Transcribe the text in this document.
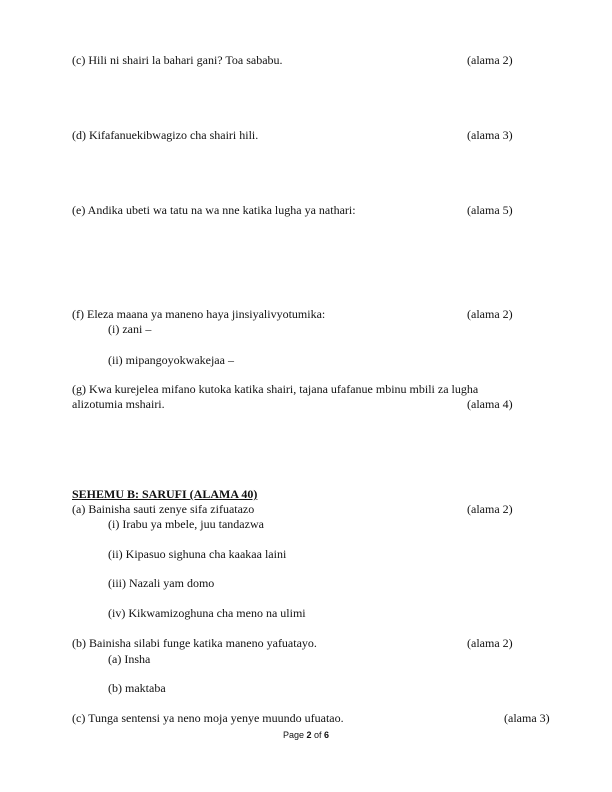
(c) Hili ni shairi la bahari gani? Toa sababu.	(alama 2)
(d) Kifafanuekibwagizo cha shairi hili.	(alama 3)
(e) Andika ubeti wa tatu na wa nne katika lugha ya nathari:	(alama 5)
(f) Eleza maana ya maneno haya jinsiyalivyotumika:	(alama 2)
(i) zani –
(ii) mipangoyokwakejaa –
(g) Kwa kurejelea mifano kutoka katika shairi, tajana ufafanue mbinu mbili za lugha
alizotumia mshairi.	(alama 4)
SEHEMU B: SARUFI (ALAMA 40)
(a) Bainisha sauti zenye sifa zifuatazo	(alama 2)
(i) Irabu ya mbele, juu tandazwa
(ii) Kipasuo sighuna cha kaakaa laini
(iii) Nazali yam domo
(iv) Kikwamizoghuna cha meno na ulimi
(b) Bainisha silabi funge katika maneno yafuatayo.	(alama 2)
(a) Insha
(b) maktaba
(c) Tunga sentensi ya neno moja yenye muundo ufuatao.	(alama 3)
Page 2 of 6
